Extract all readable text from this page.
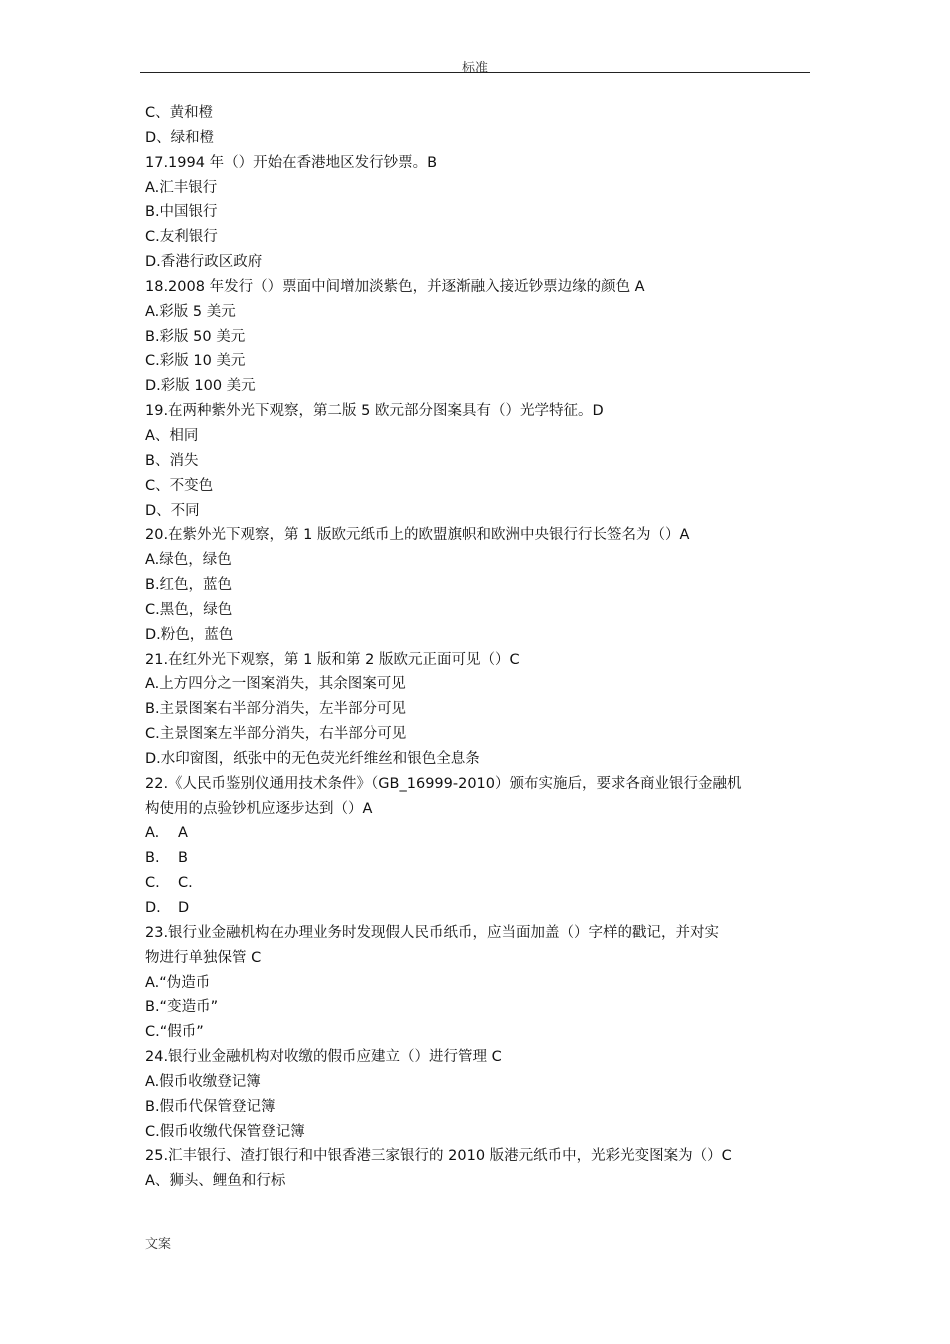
标准
C、黄和橙
D、绿和橙
17.1994 年（）开始在香港地区发行钞票。B
A.汇丰银行
B.中国银行
C.友利银行
D.香港行政区政府
18.2008 年发行（）票面中间增加淡紫色，并逐渐融入接近钞票边缘的颜色 A
A.彩版 5 美元
B.彩版 50 美元
C.彩版 10 美元
D.彩版 100 美元
19.在两种紫外光下观察，第二版 5 欧元部分图案具有（）光学特征。D
A、相同
B、消失
C、不变色
D、不同
20.在紫外光下观察，第 1 版欧元纸币上的欧盟旗帜和欧洲中央银行行长签名为（）A
A.绿色，绿色
B.红色，蓝色
C.黑色，绿色
D.粉色，蓝色
21.在红外光下观察，第 1 版和第 2 版欧元正面可见（）C
A.上方四分之一图案消失，其余图案可见
B.主景图案右半部分消失，左半部分可见
C.主景图案左半部分消失，右半部分可见
D.水印窗图，纸张中的无色荧光纤维丝和银色全息条
22.《人民币鉴别仪通用技术条件》（GB_16999-2010）颁布实施后，要求各商业银行金融机
构使用的点验钞机应逐步达到（）A
A. A
B. B
C. C.
D. D
23.银行业金融机构在办理业务时发现假人民币纸币，应当面加盖（）字样的戳记，并对实
物进行单独保管 C
A.“伪造币
B.“变造币”
C.“假币”
24.银行业金融机构对收缴的假币应建立（）进行管理 C
A.假币收缴登记簿
B.假币代保管登记簿
C.假币收缴代保管登记簿
25.汇丰银行、渣打银行和中银香港三家银行的 2010 版港元纸币中，光彩光变图案为（）C
A、狮头、鲤鱼和行标
文案
